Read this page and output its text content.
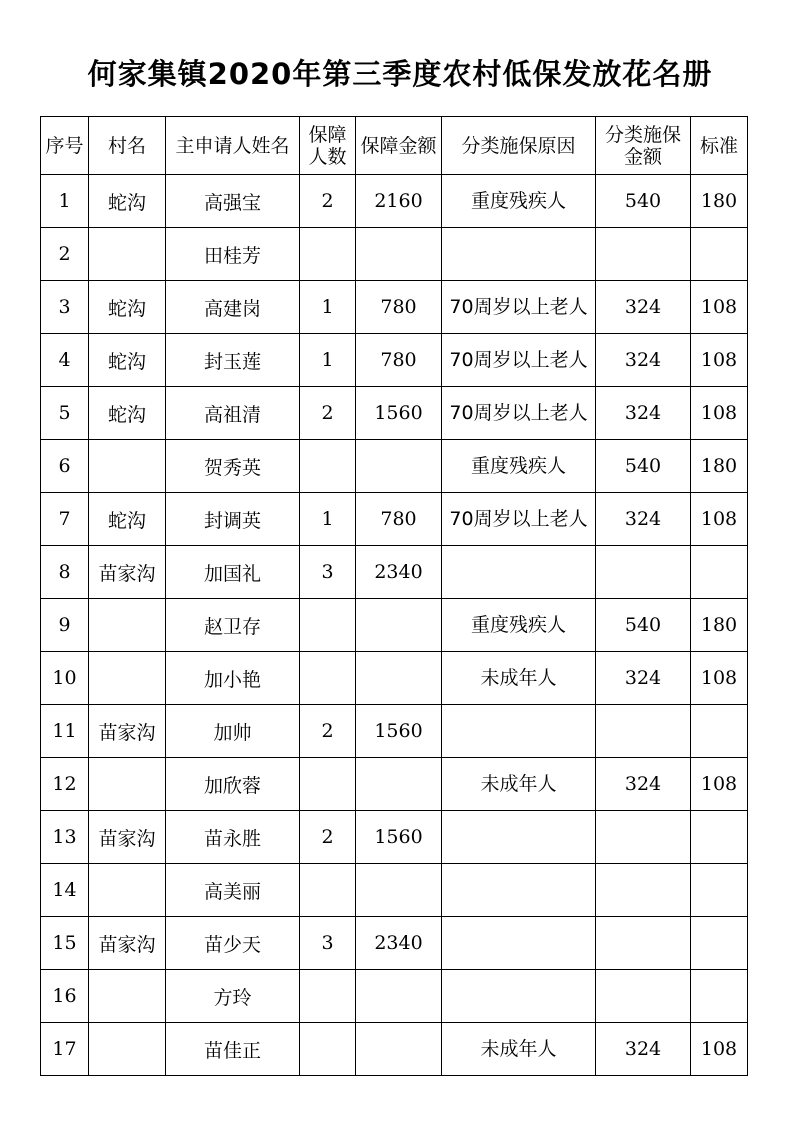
何家集镇2020年第三季度农村低保发放花名册
序号	村名	主申请人姓名	保障人数	保障金额	分类施保原因	分类施保金额	标准
1	蛇沟	高强宝	2	2160	重度残疾人	540	180
2		田桂芳					
3	蛇沟	高建岗	1	780	70周岁以上老人	324	108
4	蛇沟	封玉莲	1	780	70周岁以上老人	324	108
5	蛇沟	高祖清	2	1560	70周岁以上老人	324	108
6		贺秀英			重度残疾人	540	180
7	蛇沟	封调英	1	780	70周岁以上老人	324	108
8	苗家沟	加国礼	3	2340			
9		赵卫存			重度残疾人	540	180
10		加小艳			未成年人	324	108
11	苗家沟	加帅	2	1560			
12		加欣蓉			未成年人	324	108
13	苗家沟	苗永胜	2	1560			
14		高美丽					
15	苗家沟	苗少天	3	2340			
16		方玲					
17		苗佳正			未成年人	324	108
